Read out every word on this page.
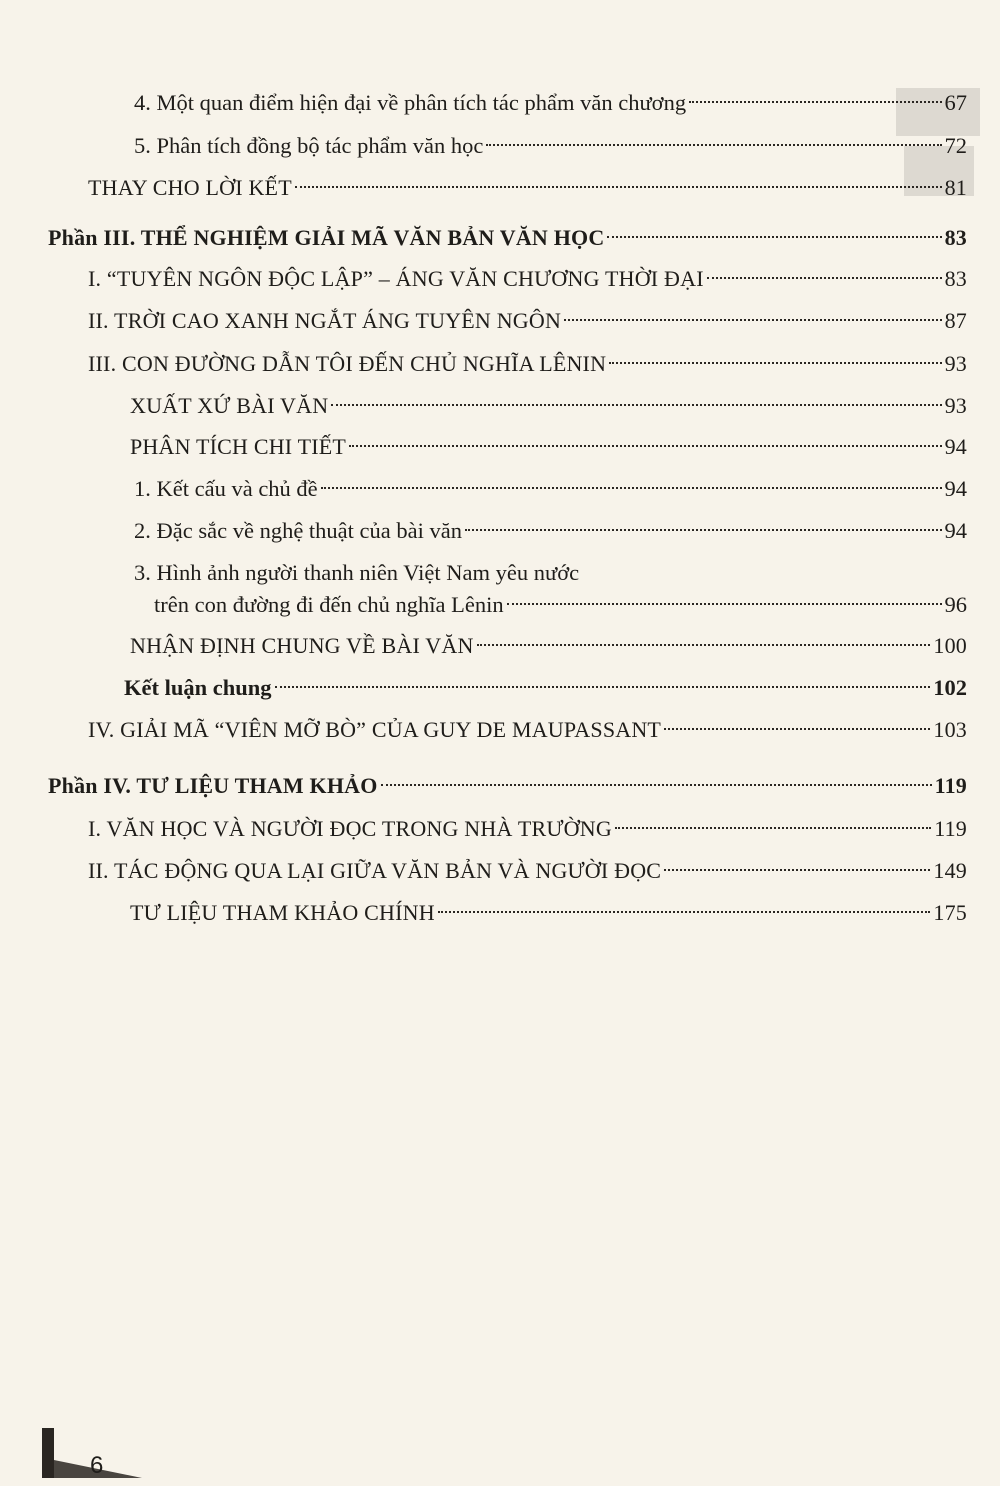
4. Một quan điểm hiện đại về phân tích tác phẩm văn chương	67
5. Phân tích đồng bộ tác phẩm văn học	72
THAY CHO LỜI KẾT	81
Phần III. THỂ NGHIỆM GIẢI MÃ VĂN BẢN VĂN HỌC	83
I. “TUYÊN NGÔN ĐỘC LẬP” – ÁNG VĂN CHƯƠNG THỜI ĐẠI	83
II. TRỜI CAO XANH NGẮT ÁNG TUYÊN NGÔN	87
III. CON ĐƯỜNG DẪN TÔI ĐẾN CHỦ NGHĨA LÊNIN	93
XUẤT XỨ BÀI VĂN	93
PHÂN TÍCH CHI TIẾT	94
1. Kết cấu và chủ đề	94
2. Đặc sắc về nghệ thuật của bài văn	94
3. Hình ảnh người thanh niên Việt Nam yêu nước
trên con đường đi đến chủ nghĩa Lênin	96
NHẬN ĐỊNH CHUNG VỀ BÀI VĂN	100
Kết luận chung	102
IV. GIẢI MÃ “VIÊN MỠ BÒ” CỦA GUY DE MAUPASSANT	103
Phần IV. TƯ LIỆU THAM KHẢO	119
I. VĂN HỌC VÀ NGƯỜI ĐỌC TRONG NHÀ TRƯỜNG	119
II. TÁC ĐỘNG QUA LẠI GIỮA VĂN BẢN VÀ NGƯỜI ĐỌC	149
TƯ LIỆU THAM KHẢO CHÍNH	175
6
